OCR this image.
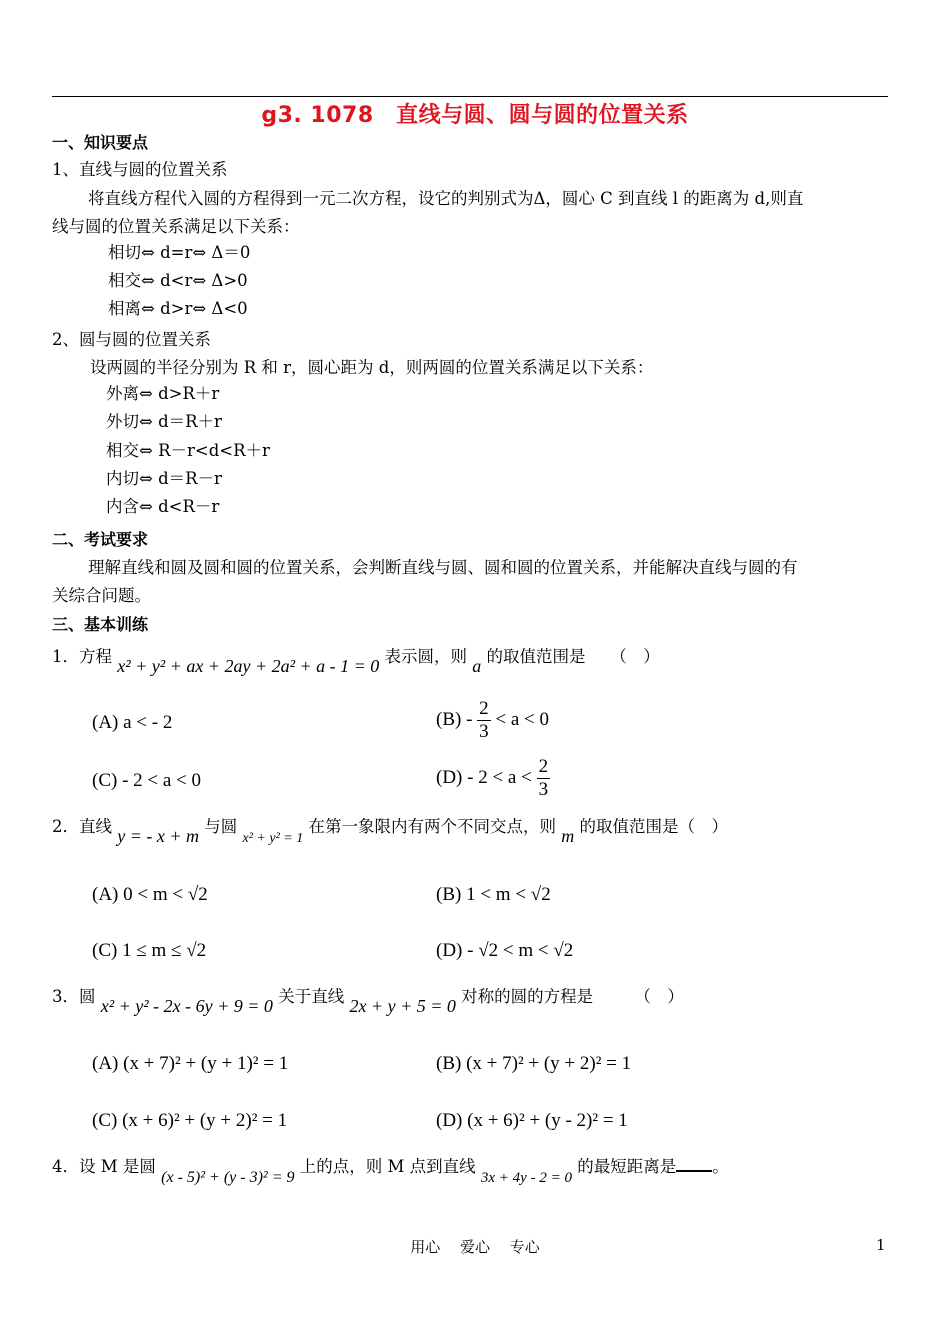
g3. 1078　直线与圆、圆与圆的位置关系
一、知识要点
1、直线与圆的位置关系
将直线方程代入圆的方程得到一元二次方程，设它的判别式为Δ，圆心 C 到直线 l 的距离为 d,则直
线与圆的位置关系满足以下关系：
相切⇔ d=r⇔ Δ＝0
相交⇔ d<r⇔ Δ>0
相离⇔ d>r⇔ Δ<0
2、圆与圆的位置关系
设两圆的半径分别为 R 和 r，圆心距为 d，则两圆的位置关系满足以下关系：
外离⇔ d>R＋r
外切⇔ d＝R＋r
相交⇔ R－r<d<R＋r
内切⇔ d＝R－r
内含⇔ d<R－r
二、考试要求
理解直线和圆及圆和圆的位置关系，会判断直线与圆、圆和圆的位置关系，并能解决直线与圆的有
关综合问题。
三、基本训练
1．方程 x² + y² + ax + 2ay + 2a² + a - 1 = 0 表示圆，则 a 的取值范围是　　（　）
(A) a < - 2	$(B) - \frac{2}{3} < a < 0$
(C) - 2 < a < 0	$(D) - 2 < a < \frac{2}{3}$
2．直线 y = - x + m 与圆 $_{x^2 + y^2 = 1}$ 在第一象限内有两个不同交点，则 m 的取值范围是（　）
(A) 0 < m < √2	(B) 1 < m < √2
(C) 1 ≤ m ≤ √2	(D) - √2 < m < √2
3．圆 x² + y² - 2x - 6y + 9 = 0 关于直线 2x + y + 5 = 0 对称的圆的方程是　　　（　）
(A) (x + 7)² + (y + 1)² = 1	(B) (x + 7)² + (y + 2)² = 1
(C) (x + 6)² + (y + 2)² = 1	(D) (x + 6)² + (y - 2)² = 1
4．设 M 是圆 (x - 5)² + (y - 3)² = 9 上的点，则 M 点到直线 3x + 4y - 2 = 0 的最短距离是 。
用心　 爱心　 专心	1
